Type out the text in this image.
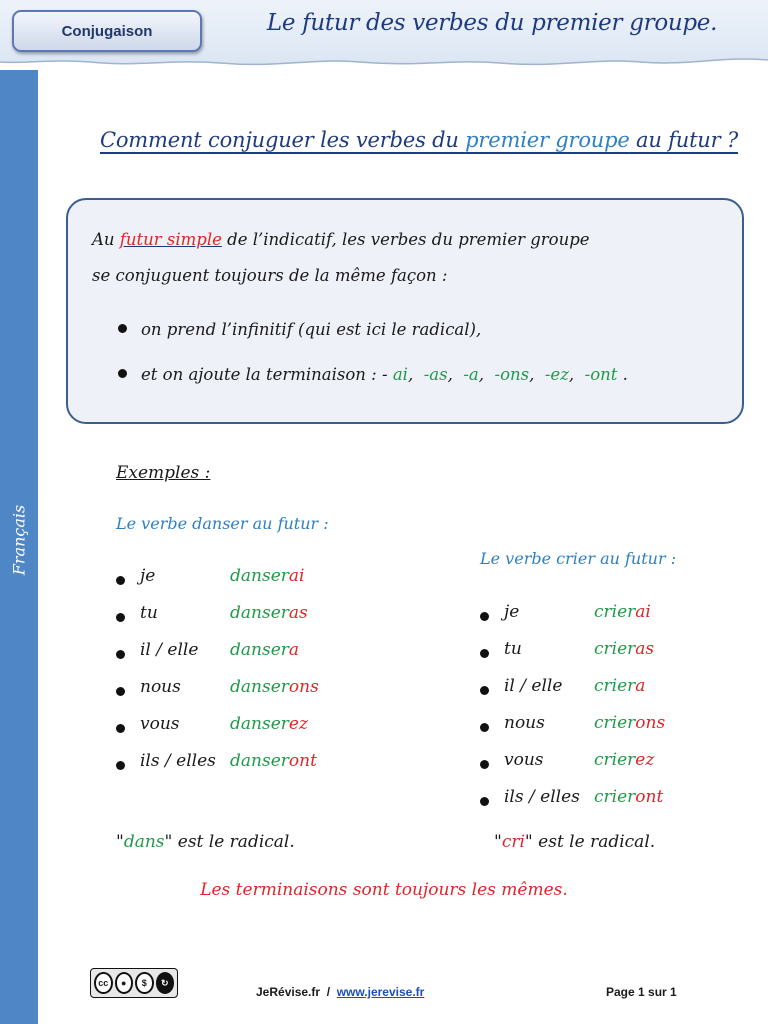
Conjugaison	Le futur des verbes du premier groupe.
Français
Comment conjuguer les verbes du premier groupe au futur ?
Au futur simple de l’indicatif, les verbes du premier groupe
se conjuguent toujours de la même façon :
on prend l’infinitif (qui est ici le radical),
et on ajoute la terminaison : - ai,  -as,  -a,  -ons,  -ez,  -ont .
Exemples :
Le verbe danser au futur :
je	danserai
tu	danseras
il / elle dansera
nous	danserons
vous	danserez
ils / elles danseront
Le verbe crier au futur :
je	crierai
tu	crieras
il / elle criera
nous	crierons
vous	crierez
ils / elles crieront
"dans" est le radical.	"cri" est le radical.
Les terminaisons sont toujours les mêmes.
cc	●	$	↻
JeRévise.fr  /  www.jerevise.fr	Page 1 sur 1
